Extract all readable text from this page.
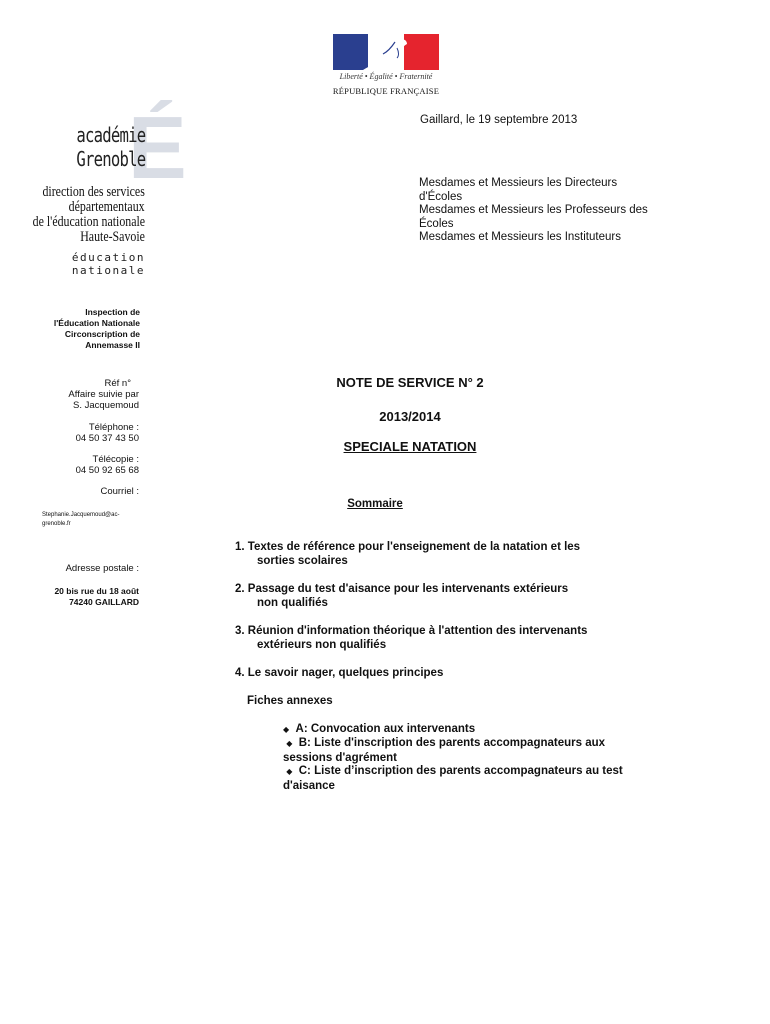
Liberté • Égalité • Fraternité
RÉPUBLIQUE FRANÇAISE
É
académie
Grenoble
direction des services
départementaux
de l'éducation nationale
Haute-Savoie
éducation
nationale
Inspection de
l'Éducation Nationale
Circonscription de
Annemasse II
Réf n°
Affaire suivie par
S. Jacquemoud
Téléphone :
04 50 37 43 50
Télécopie :
04 50 92 65 68
Courriel :
Stephanie.Jacquemoud@ac-
grenoble.fr
Adresse postale :
20 bis rue du 18 août
74240 GAILLARD
Gaillard, le 19 septembre 2013
Mesdames et Messieurs les Directeurs
d'Écoles
Mesdames et Messieurs les Professeurs des
Écoles
Mesdames et Messieurs les Instituteurs
NOTE DE SERVICE N° 2
2013/2014
SPECIALE NATATION
Sommaire
1. Textes de référence pour l'enseignement de la natation et les
sorties scolaires
2. Passage du test d'aisance pour les intervenants extérieurs
non qualifiés
3. Réunion d'information théorique à l'attention des intervenants
extérieurs non qualifiés
4. Le savoir nager, quelques principes
Fiches annexes
◆ A: Convocation aux intervenants
◆ B: Liste d'inscription des parents accompagnateurs aux
sessions d'agrément
◆ C: Liste d’inscription des parents accompagnateurs au test
d'aisance
